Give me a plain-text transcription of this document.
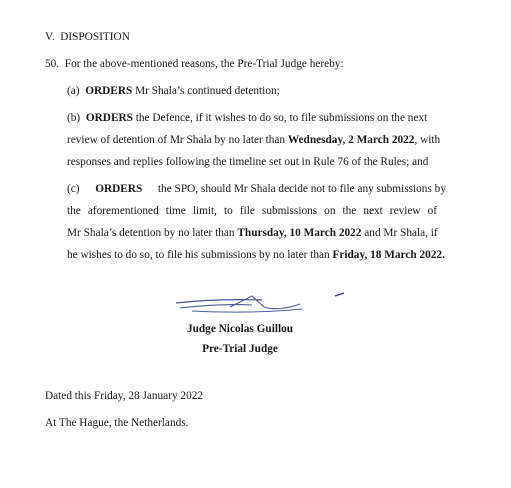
V. DISPOSITION
50. For the above-mentioned reasons, the Pre-Trial Judge hereby:
(a) ORDERS Mr Shala’s continued detention;
(b) ORDERS the Defence, if it wishes to do so, to file submissions on the next
review of detention of Mr Shala by no later than Wednesday, 2 March 2022, with
responses and replies following the timeline set out in Rule 76 of the Rules; and
(c) ORDERS the SPO, should Mr Shala decide not to file any submissions by
the aforementioned time limit, to file submissions on the next review of
Mr Shala’s detention by no later than Thursday, 10 March 2022 and Mr Shala, if
he wishes to do so, to file his submissions by no later than Friday, 18 March 2022.
Judge Nicolas Guillou
Pre-Trial Judge
Dated this Friday, 28 January 2022
At The Hague, the Netherlands.
